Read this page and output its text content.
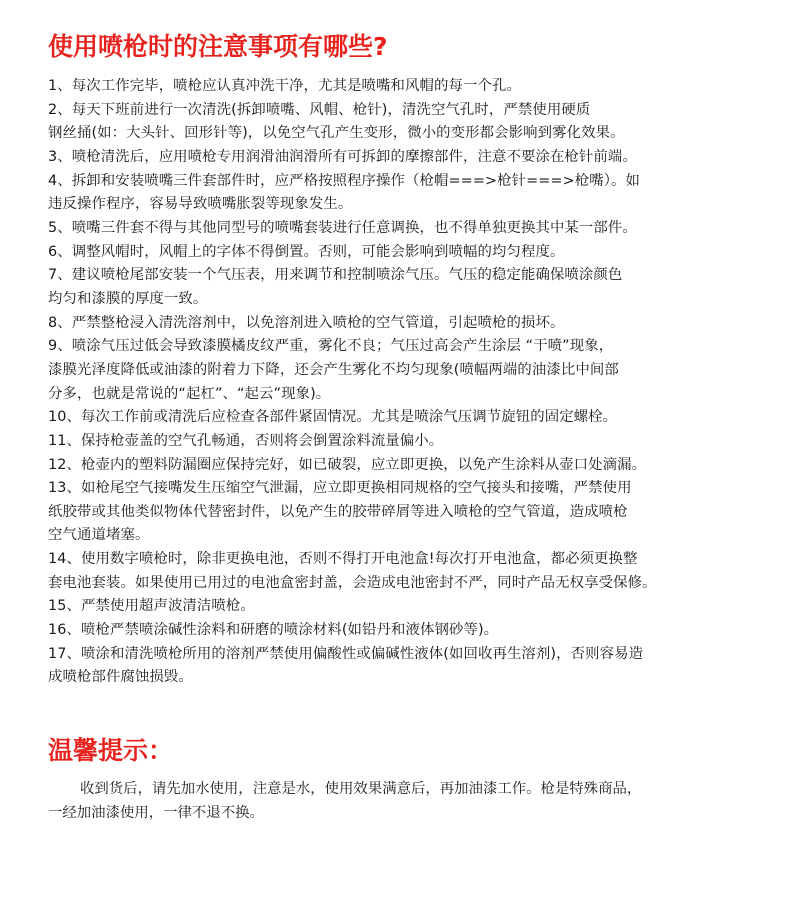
使用喷枪时的注意事项有哪些?
1、每次工作完毕，喷枪应认真冲洗干净，尤其是喷嘴和风帽的每一个孔。
2、每天下班前进行一次清洗(拆卸喷嘴、风帽、枪针)，清洗空气孔时，严禁使用硬质
钢丝捅(如：大头针、回形针等)，以免空气孔产生变形，微小的变形都会影响到雾化效果。
3、喷枪清洗后，应用喷枪专用润滑油润滑所有可拆卸的摩擦部件，注意不要涂在枪针前端。
4、拆卸和安装喷嘴三件套部件时，应严格按照程序操作（枪帽===>枪针===>枪嘴）。如
违反操作程序，容易导致喷嘴胀裂等现象发生。
5、喷嘴三件套不得与其他同型号的喷嘴套装进行任意调换，也不得单独更换其中某一部件。
6、调整风帽时，风帽上的字体不得倒置。否则，可能会影响到喷幅的均匀程度。
7、建议喷枪尾部安装一个气压表，用来调节和控制喷涂气压。气压的稳定能确保喷涂颜色
均匀和漆膜的厚度一致。
8、严禁整枪浸入清洗溶剂中，以免溶剂进入喷枪的空气管道，引起喷枪的损坏。
9、喷涂气压过低会导致漆膜橘皮纹严重，雾化不良；气压过高会产生涂层 “干喷”现象，
漆膜光泽度降低或油漆的附着力下降，还会产生雾化不均匀现象(喷幅两端的油漆比中间部
分多，也就是常说的“起杠”、“起云”现象)。
10、每次工作前或清洗后应检查各部件紧固情况。尤其是喷涂气压调节旋钮的固定螺栓。
11、保持枪壶盖的空气孔畅通，否则将会倒置涂料流量偏小。
12、枪壶内的塑料防漏圈应保持完好，如已破裂，应立即更换，以免产生涂料从壶口处滴漏。
13、如枪尾空气接嘴发生压缩空气泄漏，应立即更换相同规格的空气接头和接嘴，严禁使用
纸胶带或其他类似物体代替密封件，以免产生的胶带碎屑等进入喷枪的空气管道，造成喷枪
空气通道堵塞。
14、使用数字喷枪时，除非更换电池，否则不得打开电池盒!每次打开电池盒，都必须更换整
套电池套装。如果使用已用过的电池盒密封盖，会造成电池密封不严，同时产品无权享受保修。
15、严禁使用超声波清洁喷枪。
16、喷枪严禁喷涂碱性涂料和研磨的喷涂材料(如铅丹和液体钢砂等)。
17、喷涂和清洗喷枪所用的溶剂严禁使用偏酸性或偏碱性液体(如回收再生溶剂)，否则容易造
成喷枪部件腐蚀损毁。
温馨提示：
收到货后，请先加水使用，注意是水，使用效果满意后，再加油漆工作。枪是特殊商品，
一经加油漆使用，一律不退不换。
